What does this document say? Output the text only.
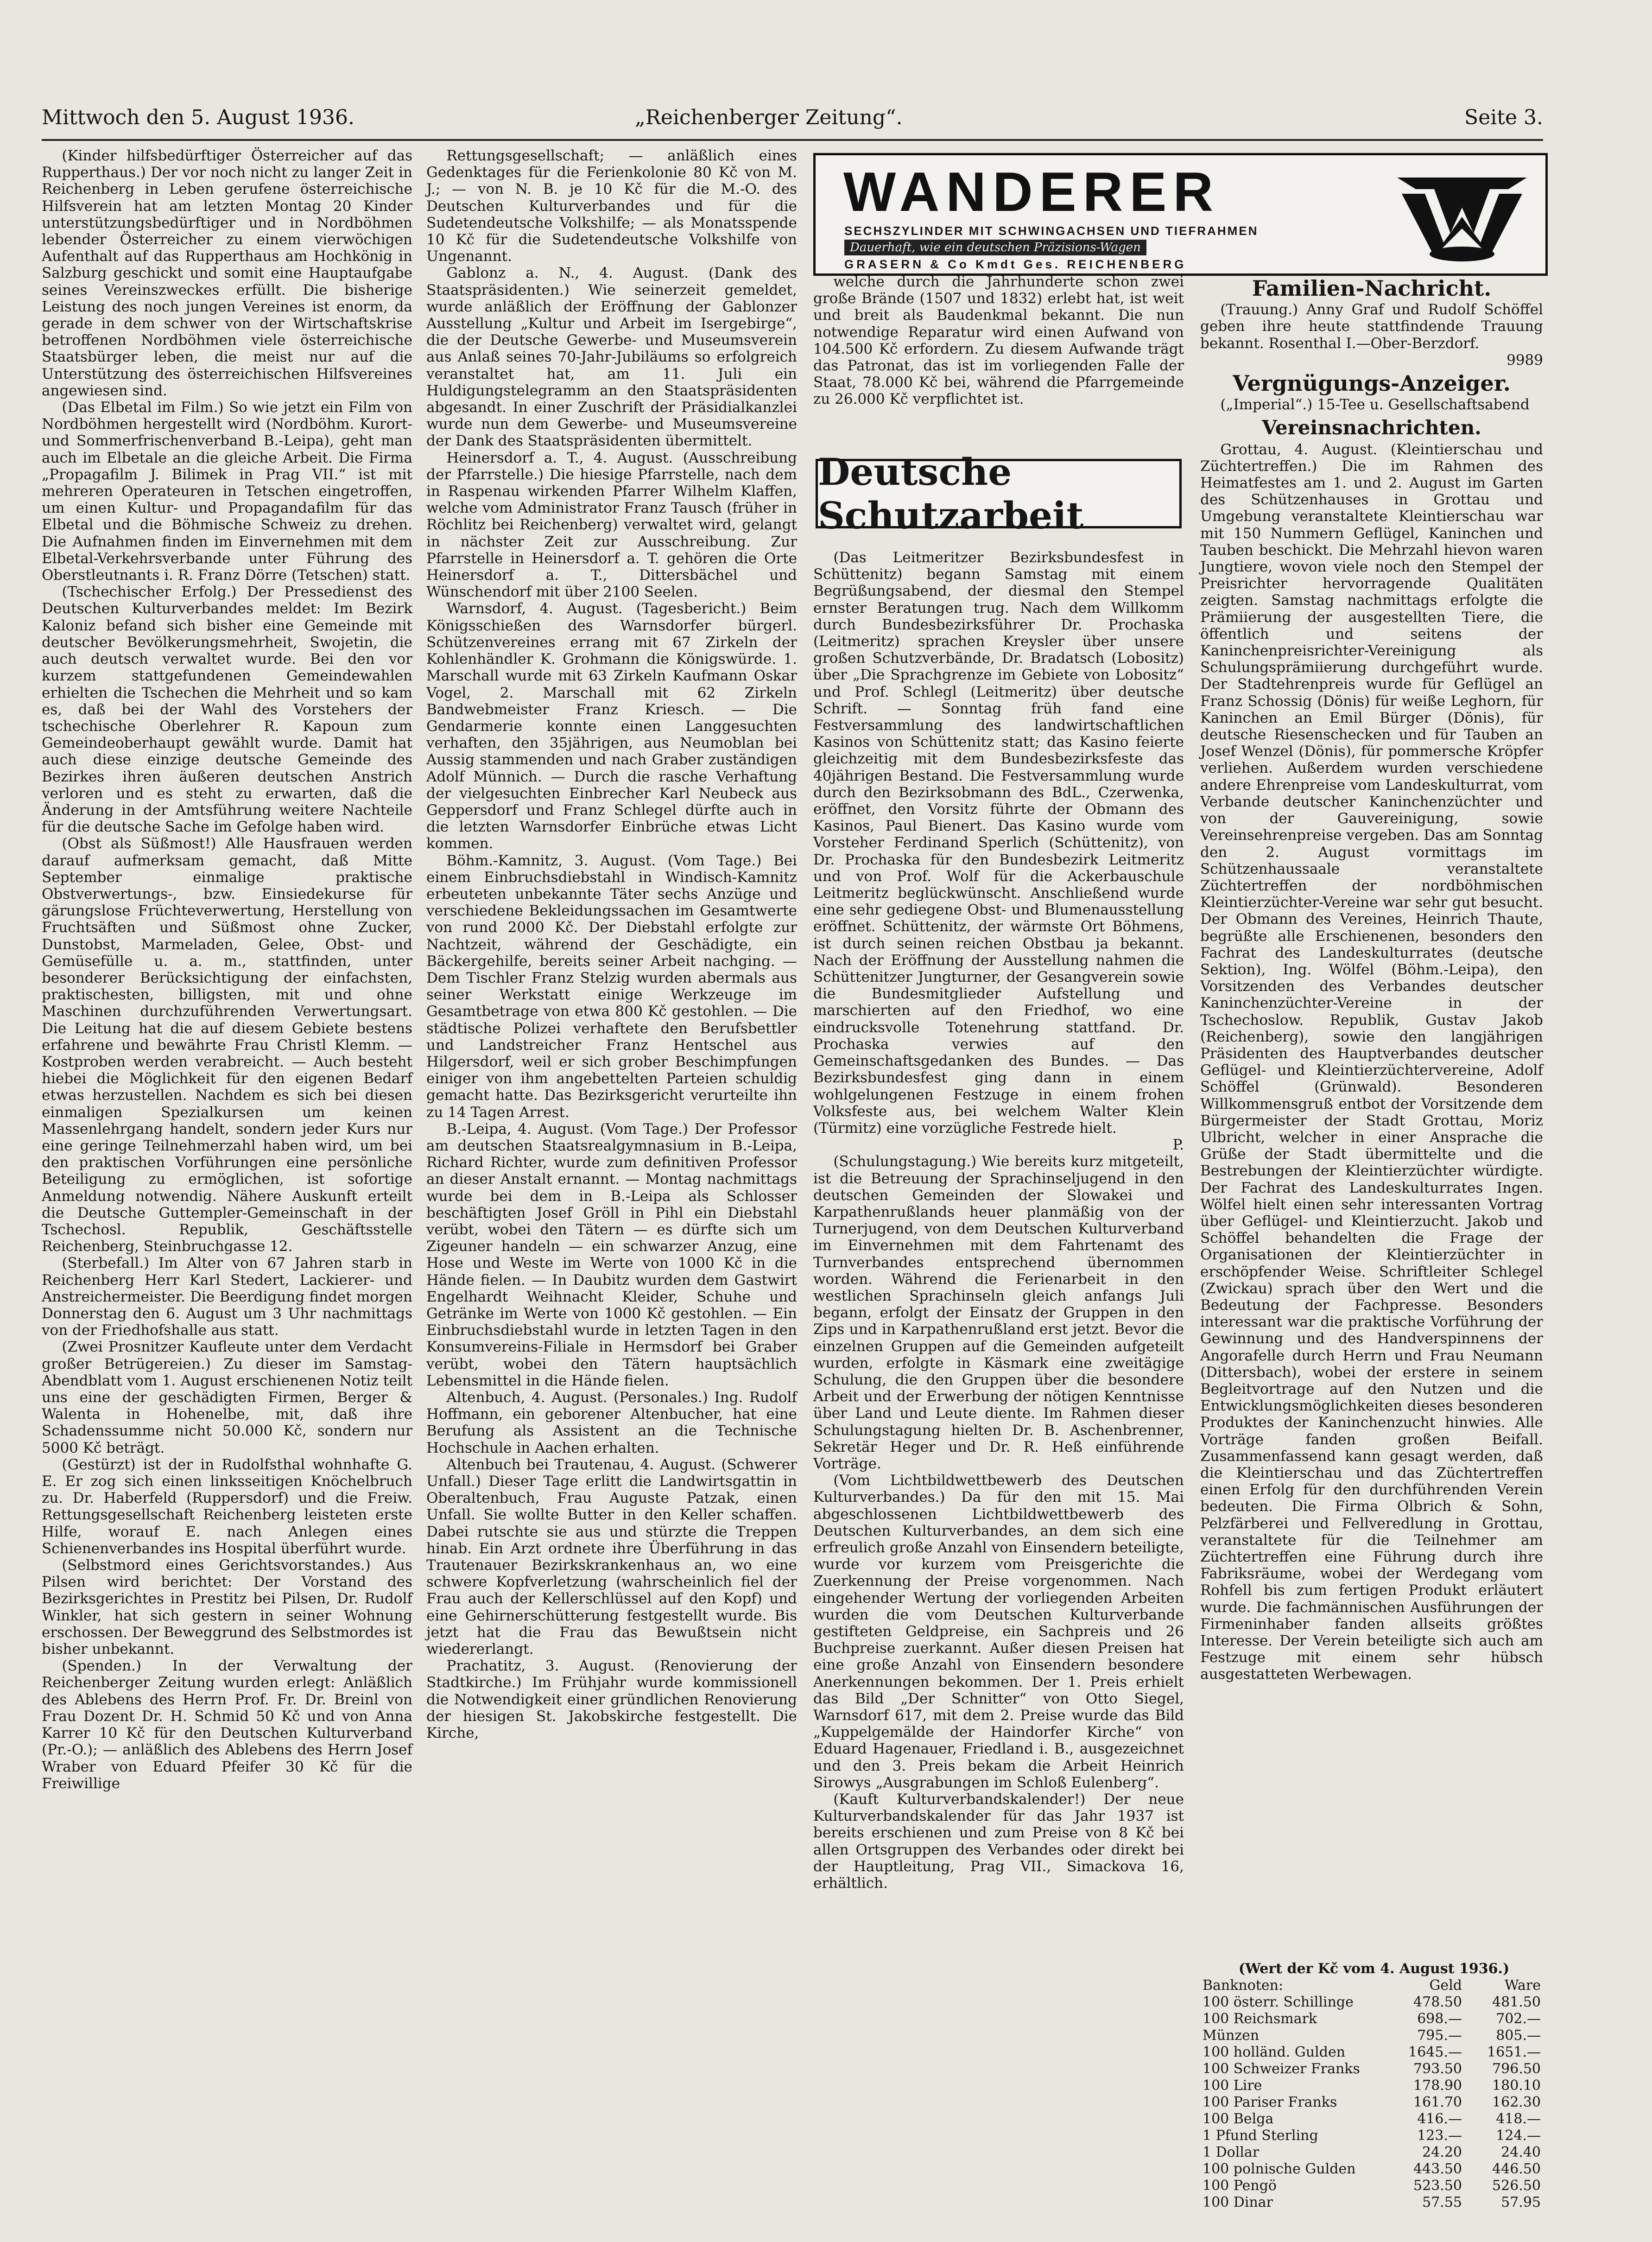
Mittwoch den 5. August 1936.	„Reichenberger Zeitung“.	Seite 3.

(Kinder hilfsbedürftiger Österreicher auf das Rupperthaus.) Der vor noch nicht zu langer Zeit in Reichenberg in Leben gerufene österreichische Hilfsverein hat am letzten Montag 20 Kinder unterstützungsbedürftiger und in Nordböhmen lebender Österreicher zu einem vierwöchigen Aufenthalt auf das Rupperthaus am Hochkönig in Salzburg geschickt und somit eine Hauptaufgabe seines Vereinszweckes erfüllt. Die bisherige Leistung des noch jungen Vereines ist enorm, da gerade in dem schwer von der Wirtschaftskrise betroffenen Nordböhmen viele österreichische Staatsbürger leben, die meist nur auf die Unterstützung des österreichischen Hilfsvereines angewiesen sind.

(Das Elbetal im Film.) So wie jetzt ein Film von Nordböhmen hergestellt wird (Nordböhm. Kurort- und Sommerfrischenverband B.-Leipa), geht man auch im Elbetale an die gleiche Arbeit. Die Firma „Propagafilm J. Bilimek in Prag VII.“ ist mit mehreren Operateuren in Tetschen eingetroffen, um einen Kultur- und Propagandafilm für das Elbetal und die Böhmische Schweiz zu drehen. Die Aufnahmen finden im Einvernehmen mit dem Elbetal-Verkehrsverbande unter Führung des Oberstleutnants i. R. Franz Dörre (Tetschen) statt.

(Tschechischer Erfolg.) Der Pressedienst des Deutschen Kulturverbandes meldet: Im Bezirk Kaloniz befand sich bisher eine Gemeinde mit deutscher Bevölkerungsmehrheit, Swojetin, die auch deutsch verwaltet wurde. Bei den vor kurzem stattgefundenen Gemeindewahlen erhielten die Tschechen die Mehrheit und so kam es, daß bei der Wahl des Vorstehers der tschechische Oberlehrer R. Kapoun zum Gemeindeoberhaupt gewählt wurde. Damit hat auch diese einzige deutsche Gemeinde des Bezirkes ihren äußeren deutschen Anstrich verloren und es steht zu erwarten, daß die Änderung in der Amtsführung weitere Nachteile für die deutsche Sache im Gefolge haben wird.

(Obst als Süßmost!) Alle Hausfrauen werden darauf aufmerksam gemacht, daß Mitte September einmalige praktische Obstverwertungs-, bzw. Einsiedekurse für gärungslose Früchteverwertung, Herstellung von Fruchtsäften und Süßmost ohne Zucker, Dunstobst, Marmeladen, Gelee, Obst- und Gemüsefülle u. a. m., stattfinden, unter besonderer Berücksichtigung der einfachsten, praktischesten, billigsten, mit und ohne Maschinen durchzuführenden Verwertungsart. Die Leitung hat die auf diesem Gebiete bestens erfahrene und bewährte Frau Christl Klemm. — Kostproben werden verabreicht. — Auch besteht hiebei die Möglichkeit für den eigenen Bedarf etwas herzustellen. Nachdem es sich bei diesen einmaligen Spezialkursen um keinen Massenlehrgang handelt, sondern jeder Kurs nur eine geringe Teilnehmerzahl haben wird, um bei den praktischen Vorführungen eine persönliche Beteiligung zu ermöglichen, ist sofortige Anmeldung notwendig. Nähere Auskunft erteilt die Deutsche Guttempler-Gemeinschaft in der Tschechosl. Republik, Geschäftsstelle Reichenberg, Steinbruchgasse 12.

(Sterbefall.) Im Alter von 67 Jahren starb in Reichenberg Herr Karl Stedert, Lackierer- und Anstreichermeister. Die Beerdigung findet morgen Donnerstag den 6. August um 3 Uhr nachmittags von der Friedhofshalle aus statt.

(Zwei Prosnitzer Kaufleute unter dem Verdacht großer Betrügereien.) Zu dieser im Samstag-Abendblatt vom 1. August erschienenen Notiz teilt uns eine der geschädigten Firmen, Berger & Walenta in Hohenelbe, mit, daß ihre Schadenssumme nicht 50.000 Kč, sondern nur 5000 Kč beträgt.

(Gestürzt) ist der in Rudolfsthal wohnhafte G. E. Er zog sich einen linksseitigen Knöchelbruch zu. Dr. Haberfeld (Ruppersdorf) und die Freiw. Rettungsgesellschaft Reichenberg leisteten erste Hilfe, worauf E. nach Anlegen eines Schienenverbandes ins Hospital überführt wurde.

(Selbstmord eines Gerichtsvorstandes.) Aus Pilsen wird berichtet: Der Vorstand des Bezirksgerichtes in Prestitz bei Pilsen, Dr. Rudolf Winkler, hat sich gestern in seiner Wohnung erschossen. Der Beweggrund des Selbstmordes ist bisher unbekannt.

(Spenden.) In der Verwaltung der Reichenberger Zeitung wurden erlegt: Anläßlich des Ablebens des Herrn Prof. Fr. Dr. Breinl von Frau Dozent Dr. H. Schmid 50 Kč und von Anna Karrer 10 Kč für den Deutschen Kulturverband (Pr.-O.); — anläßlich des Ablebens des Herrn Josef Wraber von Eduard Pfeifer 30 Kč für die Freiwillige

Rettungsgesellschaft; — anläßlich eines Gedenktages für die Ferienkolonie 80 Kč von M. J.; — von N. B. je 10 Kč für die M.-O. des Deutschen Kulturverbandes und für die Sudetendeutsche Volkshilfe; — als Monatsspende 10 Kč für die Sudetendeutsche Volkshilfe von Ungenannt.

Gablonz a. N., 4. August. (Dank des Staatspräsidenten.) Wie seinerzeit gemeldet, wurde anläßlich der Eröffnung der Gablonzer Ausstellung „Kultur und Arbeit im Isergebirge“, die der Deutsche Gewerbe- und Museumsverein aus Anlaß seines 70-Jahr-Jubiläums so erfolgreich veranstaltet hat, am 11. Juli ein Huldigungstelegramm an den Staatspräsidenten abgesandt. In einer Zuschrift der Präsidialkanzlei wurde nun dem Gewerbe- und Museumsvereine der Dank des Staatspräsidenten übermittelt.

Heinersdorf a. T., 4. August. (Ausschreibung der Pfarrstelle.) Die hiesige Pfarrstelle, nach dem in Raspenau wirkenden Pfarrer Wilhelm Klaffen, welche vom Administrator Franz Tausch (früher in Röchlitz bei Reichenberg) verwaltet wird, gelangt in nächster Zeit zur Ausschreibung. Zur Pfarrstelle in Heinersdorf a. T. gehören die Orte Heinersdorf a. T., Dittersbächel und Wünschendorf mit über 2100 Seelen.

Warnsdorf, 4. August. (Tagesbericht.) Beim Königsschießen des Warnsdorfer bürgerl. Schützenvereines errang mit 67 Zirkeln der Kohlenhändler K. Grohmann die Königswürde. 1. Marschall wurde mit 63 Zirkeln Kaufmann Oskar Vogel, 2. Marschall mit 62 Zirkeln Bandwebmeister Franz Kriesch. — Die Gendarmerie konnte einen Langgesuchten verhaften, den 35jährigen, aus Neumoblan bei Aussig stammenden und nach Graber zuständigen Adolf Münnich. — Durch die rasche Verhaftung der vielgesuchten Einbrecher Karl Neubeck aus Geppersdorf und Franz Schlegel dürfte auch in die letzten Warnsdorfer Einbrüche etwas Licht kommen.

Böhm.-Kamnitz, 3. August. (Vom Tage.) Bei einem Einbruchsdiebstahl in Windisch-Kamnitz erbeuteten unbekannte Täter sechs Anzüge und verschiedene Bekleidungssachen im Gesamtwerte von rund 2000 Kč. Der Diebstahl erfolgte zur Nachtzeit, während der Geschädigte, ein Bäckergehilfe, bereits seiner Arbeit nachging. — Dem Tischler Franz Stelzig wurden abermals aus seiner Werkstatt einige Werkzeuge im Gesamtbetrage von etwa 800 Kč gestohlen. — Die städtische Polizei verhaftete den Berufsbettler und Landstreicher Franz Hentschel aus Hilgersdorf, weil er sich grober Beschimpfungen einiger von ihm angebettelten Parteien schuldig gemacht hatte. Das Bezirksgericht verurteilte ihn zu 14 Tagen Arrest.

B.-Leipa, 4. August. (Vom Tage.) Der Professor am deutschen Staatsrealgymnasium in B.-Leipa, Richard Richter, wurde zum definitiven Professor an dieser Anstalt ernannt. — Montag nachmittags wurde bei dem in B.-Leipa als Schlosser beschäftigten Josef Gröll in Pihl ein Diebstahl verübt, wobei den Tätern — es dürfte sich um Zigeuner handeln — ein schwarzer Anzug, eine Hose und Weste im Werte von 1000 Kč in die Hände fielen. — In Daubitz wurden dem Gastwirt Engelhardt Weihnacht Kleider, Schuhe und Getränke im Werte von 1000 Kč gestohlen. — Ein Einbruchsdiebstahl wurde in letzten Tagen in den Konsumvereins-Filiale in Hermsdorf bei Graber verübt, wobei den Tätern hauptsächlich Lebensmittel in die Hände fielen.

Altenbuch, 4. August. (Personales.) Ing. Rudolf Hoffmann, ein geborener Altenbucher, hat eine Berufung als Assistent an die Technische Hochschule in Aachen erhalten.

Altenbuch bei Trautenau, 4. August. (Schwerer Unfall.) Dieser Tage erlitt die Landwirtsgattin in Oberaltenbuch, Frau Auguste Patzak, einen Unfall. Sie wollte Butter in den Keller schaffen. Dabei rutschte sie aus und stürzte die Treppen hinab. Ein Arzt ordnete ihre Überführung in das Trautenauer Bezirkskrankenhaus an, wo eine schwere Kopfverletzung (wahrscheinlich fiel der Frau auch der Kellerschlüssel auf den Kopf) und eine Gehirnerschütterung festgestellt wurde. Bis jetzt hat die Frau das Bewußtsein nicht wiedererlangt.

Prachatitz, 3. August. (Renovierung der Stadtkirche.) Im Frühjahr wurde kommissionell die Notwendigkeit einer gründlichen Renovierung der hiesigen St. Jakobskirche festgestellt. Die Kirche,

WANDERER
SECHSZYLINDER MIT SCHWINGACHSEN UND TIEFRAHMEN
Dauerhaft, wie ein deutschen Präzisions-Wagen
GRASERN & Co Kmdt Ges. REICHENBERG

welche durch die Jahrhunderte schon zwei große Brände (1507 und 1832) erlebt hat, ist weit und breit als Baudenkmal bekannt. Die nun notwendige Reparatur wird einen Aufwand von 104.500 Kč erfordern. Zu diesem Aufwande trägt das Patronat, das ist im vorliegenden Falle der Staat, 78.000 Kč bei, während die Pfarrgemeinde zu 26.000 Kč verpflichtet ist.

Deutsche Schutzarbeit

(Das Leitmeritzer Bezirksbundesfest in Schüttenitz) begann Samstag mit einem Begrüßungsabend, der diesmal den Stempel ernster Beratungen trug. Nach dem Willkomm durch Bundesbezirksführer Dr. Prochaska (Leitmeritz) sprachen Kreysler über unsere großen Schutzverbände, Dr. Bradatsch (Lobositz) über „Die Sprachgrenze im Gebiete von Lobositz“ und Prof. Schlegl (Leitmeritz) über deutsche Schrift. — Sonntag früh fand eine Festversammlung des landwirtschaftlichen Kasinos von Schüttenitz statt; das Kasino feierte gleichzeitig mit dem Bundesbezirksfeste das 40jährigen Bestand. Die Festversammlung wurde durch den Bezirksobmann des BdL., Czerwenka, eröffnet, den Vorsitz führte der Obmann des Kasinos, Paul Bienert. Das Kasino wurde vom Vorsteher Ferdinand Sperlich (Schüttenitz), von Dr. Prochaska für den Bundesbezirk Leitmeritz und von Prof. Wolf für die Ackerbauschule Leitmeritz beglückwünscht. Anschließend wurde eine sehr gediegene Obst- und Blumenausstellung eröffnet. Schüttenitz, der wärmste Ort Böhmens, ist durch seinen reichen Obstbau ja bekannt. Nach der Eröffnung der Ausstellung nahmen die Schüttenitzer Jungturner, der Gesangverein sowie die Bundesmitglieder Aufstellung und marschierten auf den Friedhof, wo eine eindrucksvolle Totenehrung stattfand. Dr. Prochaska verwies auf den Gemeinschaftsgedanken des Bundes. — Das Bezirksbundesfest ging dann in einem wohlgelungenen Festzuge in einem frohen Volksfeste aus, bei welchem Walter Klein (Türmitz) eine vorzügliche Festrede hielt.

P.

(Schulungstagung.) Wie bereits kurz mitgeteilt, ist die Betreuung der Sprachinseljugend in den deutschen Gemeinden der Slowakei und Karpathenrußlands heuer planmäßig von der Turnerjugend, von dem Deutschen Kulturverband im Einvernehmen mit dem Fahrtenamt des Turnverbandes entsprechend übernommen worden. Während die Ferienarbeit in den westlichen Sprachinseln gleich anfangs Juli begann, erfolgt der Einsatz der Gruppen in den Zips und in Karpathenrußland erst jetzt. Bevor die einzelnen Gruppen auf die Gemeinden aufgeteilt wurden, erfolgte in Käsmark eine zweitägige Schulung, die den Gruppen über die besondere Arbeit und der Erwerbung der nötigen Kenntnisse über Land und Leute diente. Im Rahmen dieser Schulungstagung hielten Dr. B. Aschenbrenner, Sekretär Heger und Dr. R. Heß einführende Vorträge.

(Vom Lichtbildwettbewerb des Deutschen Kulturverbandes.) Da für den mit 15. Mai abgeschlossenen Lichtbildwettbewerb des Deutschen Kulturverbandes, an dem sich eine erfreulich große Anzahl von Einsendern beteiligte, wurde vor kurzem vom Preisgerichte die Zuerkennung der Preise vorgenommen. Nach eingehender Wertung der vorliegenden Arbeiten wurden die vom Deutschen Kulturverbande gestifteten Geldpreise, ein Sachpreis und 26 Buchpreise zuerkannt. Außer diesen Preisen hat eine große Anzahl von Einsendern besondere Anerkennungen bekommen. Der 1. Preis erhielt das Bild „Der Schnitter“ von Otto Siegel, Warnsdorf 617, mit dem 2. Preise wurde das Bild „Kuppelgemälde der Haindorfer Kirche“ von Eduard Hagenauer, Friedland i. B., ausgezeichnet und den 3. Preis bekam die Arbeit Heinrich Sirowys „Ausgrabungen im Schloß Eulenberg“.

(Kauft Kulturverbandskalender!) Der neue Kulturverbandskalender für das Jahr 1937 ist bereits erschienen und zum Preise von 8 Kč bei allen Ortsgruppen des Verbandes oder direkt bei der Hauptleitung, Prag VII., Simackova 16, erhältlich.

Familien-Nachricht.

(Trauung.) Anny Graf und Rudolf Schöffel geben ihre heute stattfindende Trauung bekannt. Rosenthal I.—Ober-Berzdorf.

9989
Vergnügungs-Anzeiger.

(„Imperial“.) 15-Tee u. Gesellschaftsabend

Vereinsnachrichten.

Grottau, 4. August. (Kleintierschau und Züchtertreffen.) Die im Rahmen des Heimatfestes am 1. und 2. August im Garten des Schützenhauses in Grottau und Umgebung veranstaltete Kleintierschau war mit 150 Nummern Geflügel, Kaninchen und Tauben beschickt. Die Mehrzahl hievon waren Jungtiere, wovon viele noch den Stempel der Preisrichter hervorragende Qualitäten zeigten. Samstag nachmittags erfolgte die Prämiierung der ausgestellten Tiere, die öffentlich und seitens der Kaninchenpreisrichter-Vereinigung als Schulungsprämiierung durchgeführt wurde. Der Stadtehrenpreis wurde für Geflügel an Franz Schossig (Dönis) für weiße Leghorn, für Kaninchen an Emil Bürger (Dönis), für deutsche Riesenschecken und für Tauben an Josef Wenzel (Dönis), für pommersche Kröpfer verliehen. Außerdem wurden verschiedene andere Ehrenpreise vom Landeskulturrat, vom Verbande deutscher Kaninchenzüchter und von der Gauvereinigung, sowie Vereinsehrenpreise vergeben. Das am Sonntag den 2. August vormittags im Schützenhaussaale veranstaltete Züchtertreffen der nordböhmischen Kleintierzüchter-Vereine war sehr gut besucht. Der Obmann des Vereines, Heinrich Thaute, begrüßte alle Erschienenen, besonders den Fachrat des Landeskulturrates (deutsche Sektion), Ing. Wölfel (Böhm.-Leipa), den Vorsitzenden des Verbandes deutscher Kaninchenzüchter-Vereine in der Tschechoslow. Republik, Gustav Jakob (Reichenberg), sowie den langjährigen Präsidenten des Hauptverbandes deutscher Geflügel- und Kleintierzüchtervereine, Adolf Schöffel (Grünwald). Besonderen Willkommensgruß entbot der Vorsitzende dem Bürgermeister der Stadt Grottau, Moriz Ulbricht, welcher in einer Ansprache die Grüße der Stadt übermittelte und die Bestrebungen der Kleintierzüchter würdigte. Der Fachrat des Landeskulturrates Ingen. Wölfel hielt einen sehr interessanten Vortrag über Geflügel- und Kleintierzucht. Jakob und Schöffel behandelten die Frage der Organisationen der Kleintierzüchter in erschöpfender Weise. Schriftleiter Schlegel (Zwickau) sprach über den Wert und die Bedeutung der Fachpresse. Besonders interessant war die praktische Vorführung der Gewinnung und des Handverspinnens der Angorafelle durch Herrn und Frau Neumann (Dittersbach), wobei der erstere in seinem Begleitvortrage auf den Nutzen und die Entwicklungsmöglichkeiten dieses besonderen Produktes der Kaninchenzucht hinwies. Alle Vorträge fanden großen Beifall. Zusammenfassend kann gesagt werden, daß die Kleintierschau und das Züchtertreffen einen Erfolg für den durchführenden Verein bedeuten. Die Firma Olbrich & Sohn, Pelzfärberei und Fellveredlung in Grottau, veranstaltete für die Teilnehmer am Züchtertreffen eine Führung durch ihre Fabriksräume, wobei der Werdegang vom Rohfell bis zum fertigen Produkt erläutert wurde. Die fachmännischen Ausführungen der Firmeninhaber fanden allseits größtes Interesse. Der Verein beteiligte sich auch am Festzuge mit einem sehr hübsch ausgestatteten Werbewagen.

(Wert der Kč vom 4. August 1936.)
Banknoten:	Geld	Ware
100 österr. Schillinge	478.50	481.50
100 Reichsmark	698.—	702.—
Münzen	795.—	805.—
100 holländ. Gulden	1645.—	1651.—
100 Schweizer Franks	793.50	796.50
100 Lire	178.90	180.10
100 Pariser Franks	161.70	162.30
100 Belga	416.—	418.—
1 Pfund Sterling	123.—	124.—
1 Dollar	24.20	24.40
100 polnische Gulden	443.50	446.50
100 Pengö	523.50	526.50
100 Dinar	57.55	57.95
